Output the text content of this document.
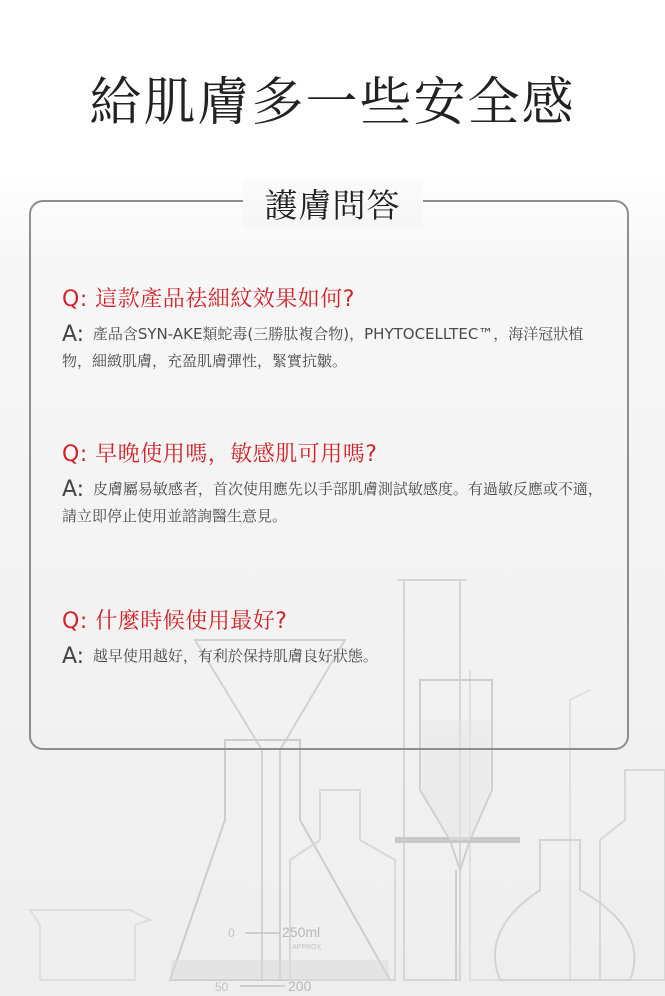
250ml
APPROX
200
0
50
給肌膚多一些安全感
護膚問答
Q: 這款產品祛細紋效果如何?
A: 產品含SYN-AKE類蛇毒(三勝肽複合物)，PHYTOCELLTEC™，海洋冠狀植物，細緻肌膚，充盈肌膚彈性，緊實抗皺。
Q: 早晚使用嗎，敏感肌可用嗎?
A: 皮膚屬易敏感者，首次使用應先以手部肌膚測試敏感度。有過敏反應或不適，請立即停止使用並諮詢醫生意見。
Q: 什麼時候使用最好?
A: 越早使用越好，有利於保持肌膚良好狀態。
